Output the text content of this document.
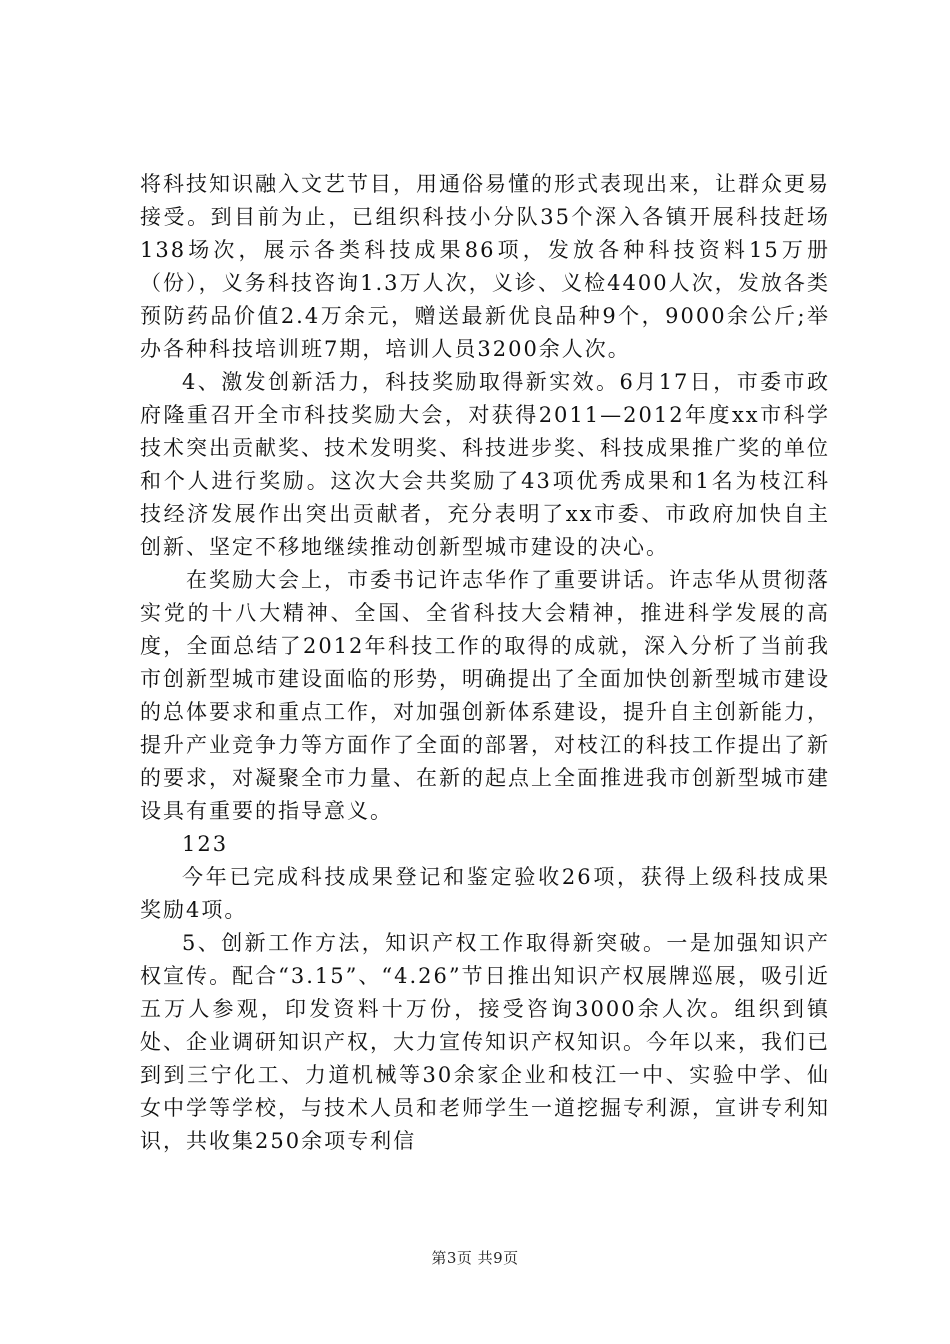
将科技知识融入文艺节目，用通俗易懂的形式表现出来，让群众更易接受。到目前为止，已组织科技小分队35个深入各镇开展科技赶场138场次，展示各类科技成果86项，发放各种科技资料15万册（份），义务科技咨询1.3万人次，义诊、义检4400人次，发放各类预防药品价值2.4万余元，赠送最新优良品种9个，9000余公斤;举办各种科技培训班7期，培训人员3200余人次。

4、激发创新活力，科技奖励取得新实效。6月17日，市委市政府隆重召开全市科技奖励大会，对获得2011—2012年度xx市科学技术突出贡献奖、技术发明奖、科技进步奖、科技成果推广奖的单位和个人进行奖励。这次大会共奖励了43项优秀成果和1名为枝江科技经济发展作出突出贡献者，充分表明了xx市委、市政府加快自主创新、坚定不移地继续推动创新型城市建设的决心。

在奖励大会上，市委书记许志华作了重要讲话。许志华从贯彻落实党的十八大精神、全国、全省科技大会精神，推进科学发展的高度，全面总结了2012年科技工作的取得的成就，深入分析了当前我市创新型城市建设面临的形势，明确提出了全面加快创新型城市建设的总体要求和重点工作，对加强创新体系建设，提升自主创新能力，提升产业竞争力等方面作了全面的部署，对枝江的科技工作提出了新的要求，对凝聚全市力量、在新的起点上全面推进我市创新型城市建设具有重要的指导意义。

123

今年已完成科技成果登记和鉴定验收26项，获得上级科技成果奖励4项。

5、创新工作方法，知识产权工作取得新突破。一是加强知识产权宣传。配合“3.15”、“4.26”节日推出知识产权展牌巡展，吸引近五万人参观，印发资料十万份，接受咨询3000余人次。组织到镇处、企业调研知识产权，大力宣传知识产权知识。今年以来，我们已到到三宁化工、力道机械等30余家企业和枝江一中、实验中学、仙女中学等学校，与技术人员和老师学生一道挖掘专利源，宣讲专利知识，共收集250余项专利信

第3页 共9页
